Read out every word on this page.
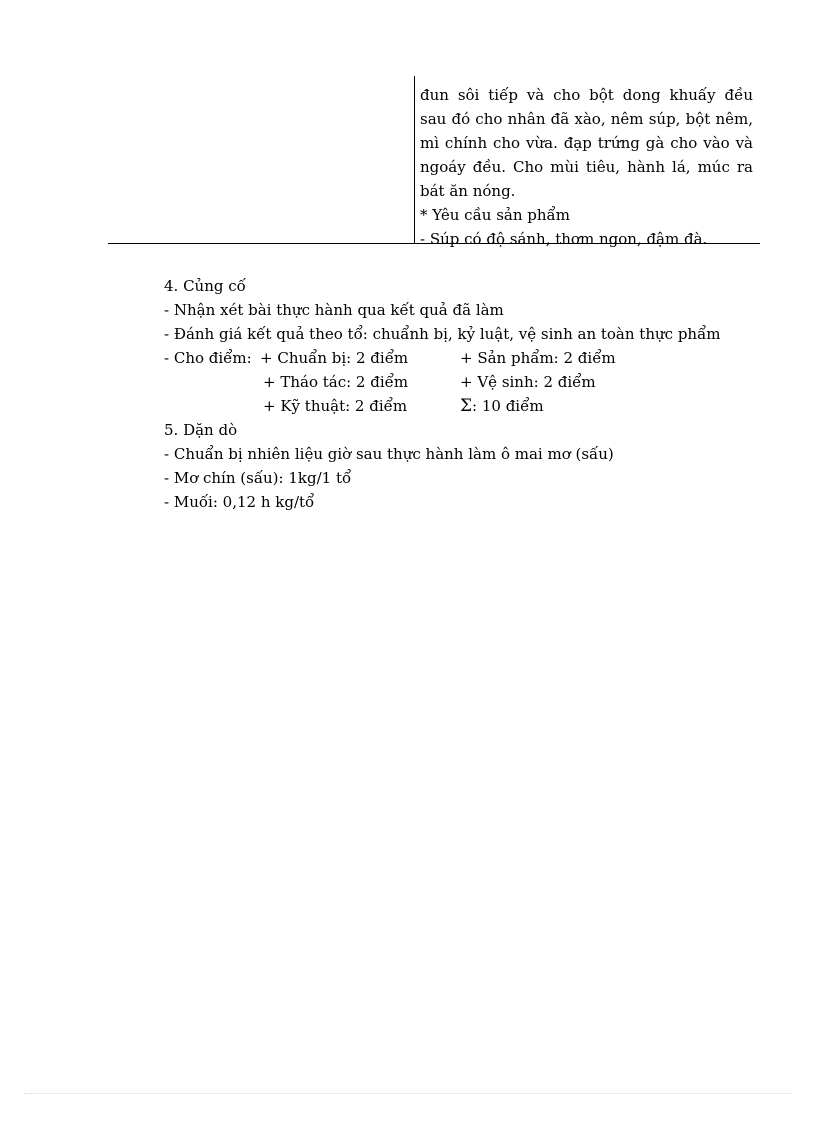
đun sôi tiếp và cho bột dong khuấy đều
sau đó cho nhân đã xào, nêm súp, bột nêm,
mì chính cho vừa. đạp trứng gà cho vào và
ngoáy đều. Cho mùi tiêu, hành lá, múc ra
bát ăn nóng.
* Yêu cầu sản phẩm
- Súp có độ sánh, thơm ngon, đậm đà.
4. Củng cố
- Nhận xét bài thực hành qua kết quả đã làm
- Đánh giá kết quả theo tổ: chuẩnh bị, kỷ luật, vệ sinh an toàn thực phẩm
- Cho điểm: + Chuẩn bị: 2 điểm	+ Sản phẩm: 2 điểm
+ Tháo tác: 2 điểm	+ Vệ sinh: 2 điểm
+ Kỹ thuật: 2 điểm	Σ: 10 điểm
5. Dặn dò
- Chuẩn bị nhiên liệu giờ sau thực hành làm ô mai mơ (sấu)
- Mơ chín (sấu): 1kg/1 tổ
- Muối: 0,12 h kg/tổ
